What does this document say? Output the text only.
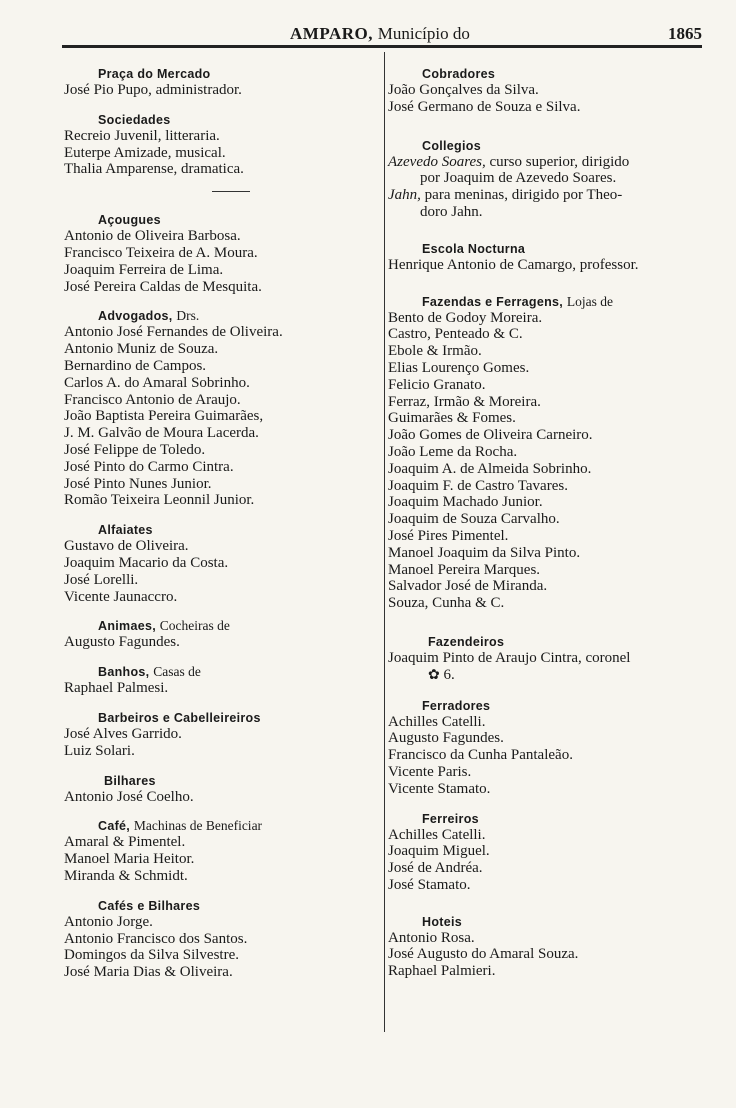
AMPARO, Município do	1865
Praça do Mercado
José Pio Pupo, administrador.
Sociedades
Recreio Juvenil, litteraria.
Euterpe Amizade, musical.
Thalia Amparense, dramatica.
Açougues
Antonio de Oliveira Barbosa.
Francisco Teixeira de A. Moura.
Joaquim Ferreira de Lima.
José Pereira Caldas de Mesquita.
Advogados, Drs.
Antonio José Fernandes de Oliveira.
Antonio Muniz de Souza.
Bernardino de Campos.
Carlos A. do Amaral Sobrinho.
Francisco Antonio de Araujo.
João Baptista Pereira Guimarães,
J. M. Galvão de Moura Lacerda.
José Felippe de Toledo.
José Pinto do Carmo Cintra.
José Pinto Nunes Junior.
Romão Teixeira Leonnil Junior.
Alfaiates
Gustavo de Oliveira.
Joaquim Macario da Costa.
José Lorelli.
Vicente Jaunaccro.
Animaes, Cocheiras de
Augusto Fagundes.
Banhos, Casas de
Raphael Palmesi.
Barbeiros e Cabelleireiros
José Alves Garrido.
Luiz Solari.
Bilhares
Antonio José Coelho.
Café, Machinas de Beneficiar
Amaral & Pimentel.
Manoel Maria Heitor.
Miranda & Schmidt.
Cafés e Bilhares
Antonio Jorge.
Antonio Francisco dos Santos.
Domingos da Silva Silvestre.
José Maria Dias & Oliveira.
Cobradores
João Gonçalves da Silva.
José Germano de Souza e Silva.
Collegios
Azevedo Soares, curso superior, dirigido
por Joaquim de Azevedo Soares.
Jahn, para meninas, dirigido por Theo-
doro Jahn.
Escola Nocturna
Henrique Antonio de Camargo, professor.
Fazendas e Ferragens, Lojas de
Bento de Godoy Moreira.
Castro, Penteado & C.
Ebole & Irmão.
Elias Lourenço Gomes.
Felicio Granato.
Ferraz, Irmão & Moreira.
Guimarães & Fomes.
João Gomes de Oliveira Carneiro.
João Leme da Rocha.
Joaquim A. de Almeida Sobrinho.
Joaquim F. de Castro Tavares.
Joaquim Machado Junior.
Joaquim de Souza Carvalho.
José Pires Pimentel.
Manoel Joaquim da Silva Pinto.
Manoel Pereira Marques.
Salvador José de Miranda.
Souza, Cunha & C.
Fazendeiros
Joaquim Pinto de Araujo Cintra, coronel
✿ 6.
Ferradores
Achilles Catelli.
Augusto Fagundes.
Francisco da Cunha Pantaleão.
Vicente Paris.
Vicente Stamato.
Ferreiros
Achilles Catelli.
Joaquim Miguel.
José de Andréa.
José Stamato.
Hoteis
Antonio Rosa.
José Augusto do Amaral Souza.
Raphael Palmieri.
